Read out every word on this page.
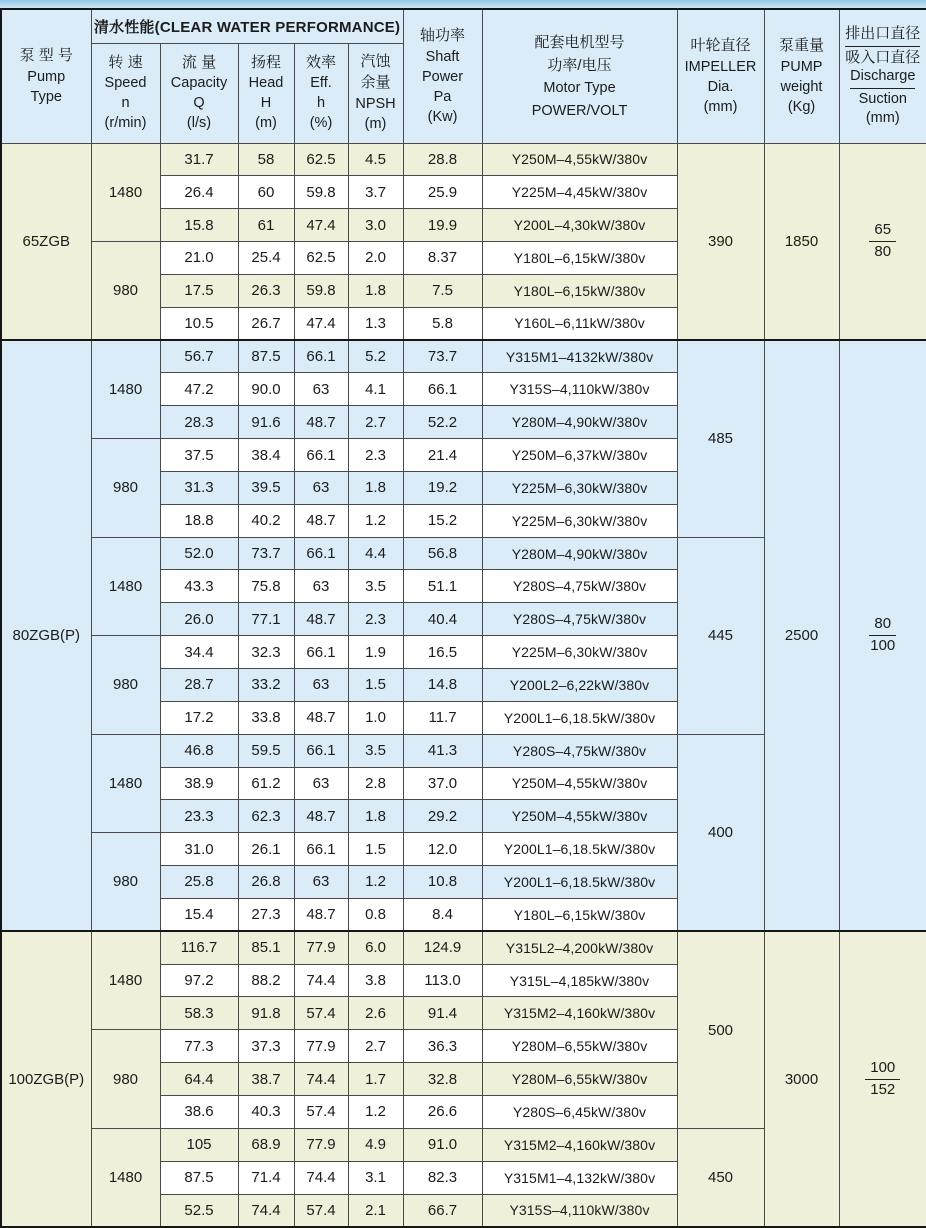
泵 型 号
Pump
Type	清水性能(CLEAR WATER PERFORMANCE)					轴功率
Shaft
Power
Pa
(Kw)	配套电机型号
功率/电压
Motor Type
POWER/VOLT	叶轮直径
IMPELLER
Dia.
(mm)	泵重量
PUMP
weight
(Kg)	排出口直径
吸入口直径
Discharge
Suction
(mm)

	转 速
Speed
n
(r/min)	流 量
Capacity
Q
(l/s)	扬程
Head
H
(m)	效率
Eff.
h
(%)	汽蚀
余量
NPSH
(m)					

65ZGB	1480	31.7	58	62.5	4.5	28.8	Y250M–4,55kW/380v	390	1850	$\frac{65}{80}$

		26.4	60	59.8	3.7	25.9	Y225M–4,45kW/380v			
		15.8	61	47.4	3.0	19.9	Y200L–4,30kW/380v			
	980	21.0	25.4	62.5	2.0	8.37	Y180L–6,15kW/380v			
		17.5	26.3	59.8	1.8	7.5	Y180L–6,15kW/380v			
		10.5	26.7	47.4	1.3	5.8	Y160L–6,11kW/380v			
80ZGB(P)	1480	56.7	87.5	66.1	5.2	73.7	Y315M1–4132kW/380v	485	2500	$\frac{80}{100}$

		47.2	90.0	63	4.1	66.1	Y315S–4,110kW/380v			
		28.3	91.6	48.7	2.7	52.2	Y280M–4,90kW/380v			
	980	37.5	38.4	66.1	2.3	21.4	Y250M–6,37kW/380v			
		31.3	39.5	63	1.8	19.2	Y225M–6,30kW/380v			
		18.8	40.2	48.7	1.2	15.2	Y225M–6,30kW/380v			
	1480	52.0	73.7	66.1	4.4	56.8	Y280M–4,90kW/380v	445		
		43.3	75.8	63	3.5	51.1	Y280S–4,75kW/380v			
		26.0	77.1	48.7	2.3	40.4	Y280S–4,75kW/380v			
	980	34.4	32.3	66.1	1.9	16.5	Y225M–6,30kW/380v			
		28.7	33.2	63	1.5	14.8	Y200L2–6,22kW/380v			
		17.2	33.8	48.7	1.0	11.7	Y200L1–6,18.5kW/380v			
	1480	46.8	59.5	66.1	3.5	41.3	Y280S–4,75kW/380v	400		
		38.9	61.2	63	2.8	37.0	Y250M–4,55kW/380v			
		23.3	62.3	48.7	1.8	29.2	Y250M–4,55kW/380v			
	980	31.0	26.1	66.1	1.5	12.0	Y200L1–6,18.5kW/380v			
		25.8	26.8	63	1.2	10.8	Y200L1–6,18.5kW/380v			
		15.4	27.3	48.7	0.8	8.4	Y180L–6,15kW/380v			
100ZGB(P)	1480	116.7	85.1	77.9	6.0	124.9	Y315L2–4,200kW/380v	500	3000	$\frac{100}{152}$

		97.2	88.2	74.4	3.8	113.0	Y315L–4,185kW/380v			
		58.3	91.8	57.4	2.6	91.4	Y315M2–4,160kW/380v			
	980	77.3	37.3	77.9	2.7	36.3	Y280M–6,55kW/380v			
		64.4	38.7	74.4	1.7	32.8	Y280M–6,55kW/380v			
		38.6	40.3	57.4	1.2	26.6	Y280S–6,45kW/380v			
	1480	105	68.9	77.9	4.9	91.0	Y315M2–4,160kW/380v	450		
		87.5	71.4	74.4	3.1	82.3	Y315M1–4,132kW/380v			
		52.5	74.4	57.4	2.1	66.7	Y315S–4,110kW/380v			
